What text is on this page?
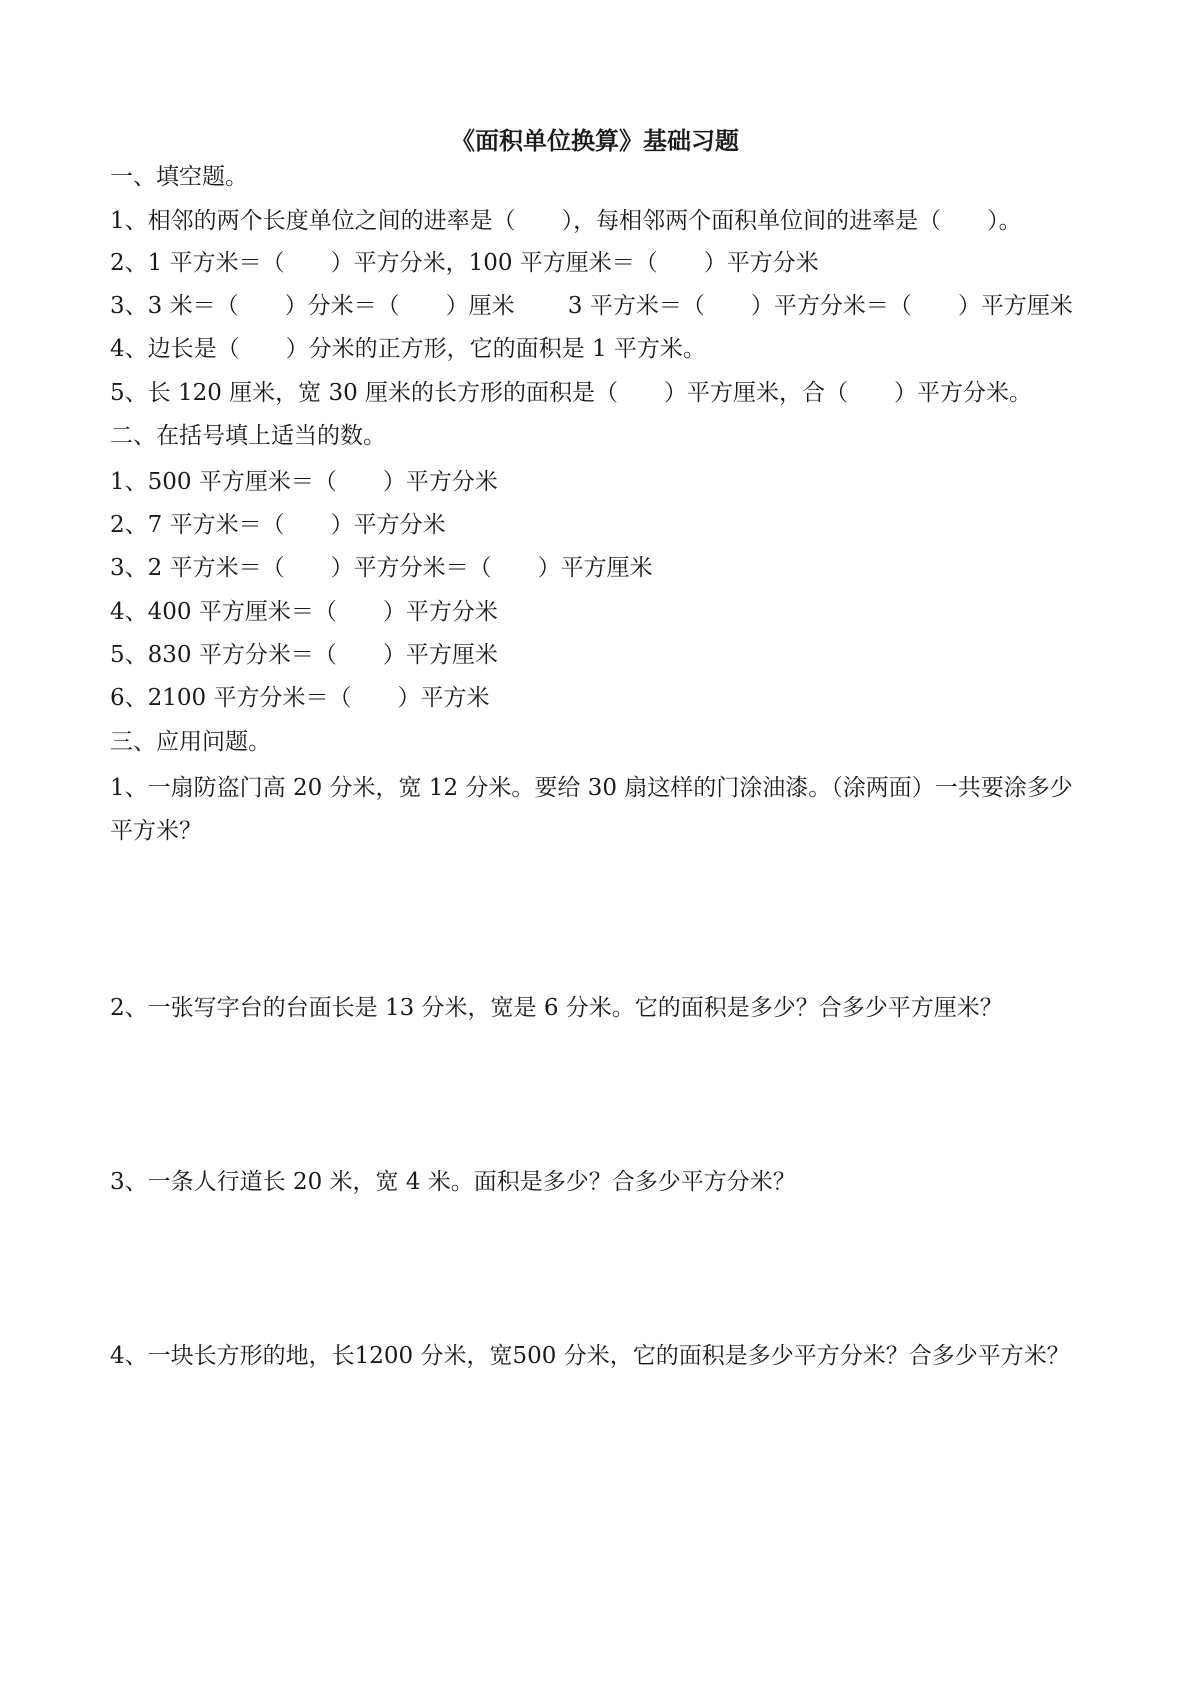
《面积单位换算》基础习题
一、填空题。
1、相邻的两个长度单位之间的进率是（　　），每相邻两个面积单位间的进率是（　　）。
2、1 平方米＝（　　）平方分米，100 平方厘米＝（　　）平方分米
3、3 米＝（　　）分米＝（　　）厘米　　 3 平方米＝（　　）平方分米＝（　　）平方厘米
4、边长是（　　）分米的正方形，它的面积是 1 平方米。
5、长 120 厘米，宽 30 厘米的长方形的面积是（　　）平方厘米，合（　　）平方分米。
二、在括号填上适当的数。
1、500 平方厘米＝（　　）平方分米
2、7 平方米＝（　　）平方分米
3、2 平方米＝（　　）平方分米＝（　　）平方厘米
4、400 平方厘米＝（　　）平方分米
5、830 平方分米＝（　　）平方厘米
6、2100 平方分米＝（　　）平方米
三、应用问题。
1、一扇防盗门高 20 分米，宽 12 分米。要给 30 扇这样的门涂油漆。（涂两面）一共要涂多少
平方米？
2、一张写字台的台面长是 13 分米，宽是 6 分米。它的面积是多少？合多少平方厘米？
3、一条人行道长 20 米，宽 4 米。面积是多少？合多少平方分米？
4、一块长方形的地，长1200 分米，宽500 分米，它的面积是多少平方分米？合多少平方米？
